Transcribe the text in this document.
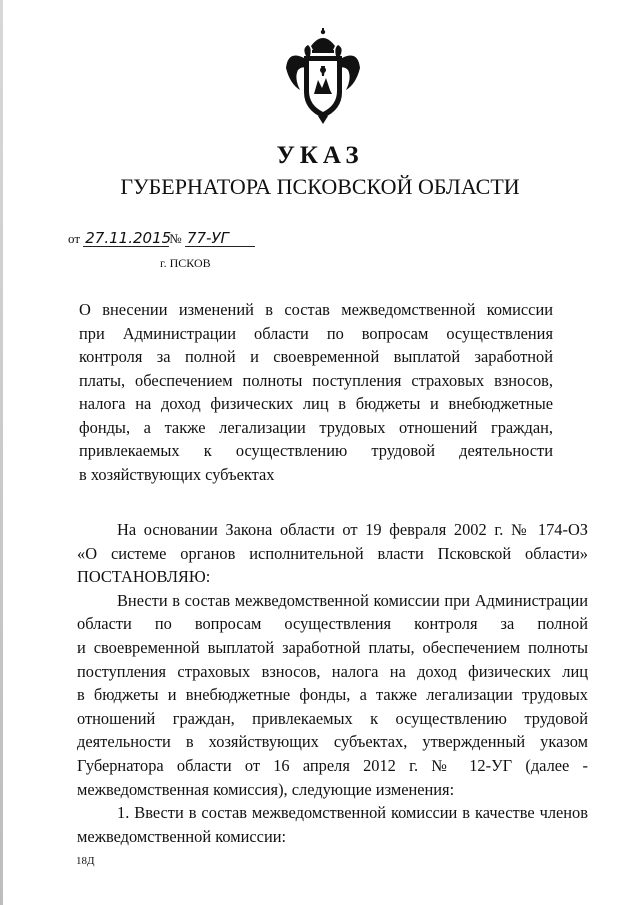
УКАЗ
ГУБЕРНАТОРА ПСКОВСКОЙ ОБЛАСТИ
от 27.11.2015№ 77-УГ
г. ПСКОВ
О внесении изменений в состав межведомственной комиссии
при Администрации области по вопросам осуществления
контроля за полной и своевременной выплатой заработной
платы, обеспечением полноты поступления страховых взносов,
налога на доход физических лиц в бюджеты и внебюджетные
фонды, а также легализации трудовых отношений граждан,
привлекаемых к осуществлению трудовой деятельности
в хозяйствующих субъектах
На основании Закона области от 19 февраля 2002 г. № 174-ОЗ
«О системе органов исполнительной власти Псковской области»
ПОСТАНОВЛЯЮ:
Внести в состав межведомственной комиссии при Администрации
области по вопросам осуществления контроля за полной
и своевременной выплатой заработной платы, обеспечением полноты
поступления страховых взносов, налога на доход физических лиц
в бюджеты и внебюджетные фонды, а также легализации трудовых
отношений граждан, привлекаемых к осуществлению трудовой
деятельности в хозяйствующих субъектах, утвержденный указом
Губернатора области от 16 апреля 2012 г. № 12-УГ (далее -
межведомственная комиссия), следующие изменения:
1. Ввести в состав межведомственной комиссии в качестве членов
межведомственной комиссии:
18Д
